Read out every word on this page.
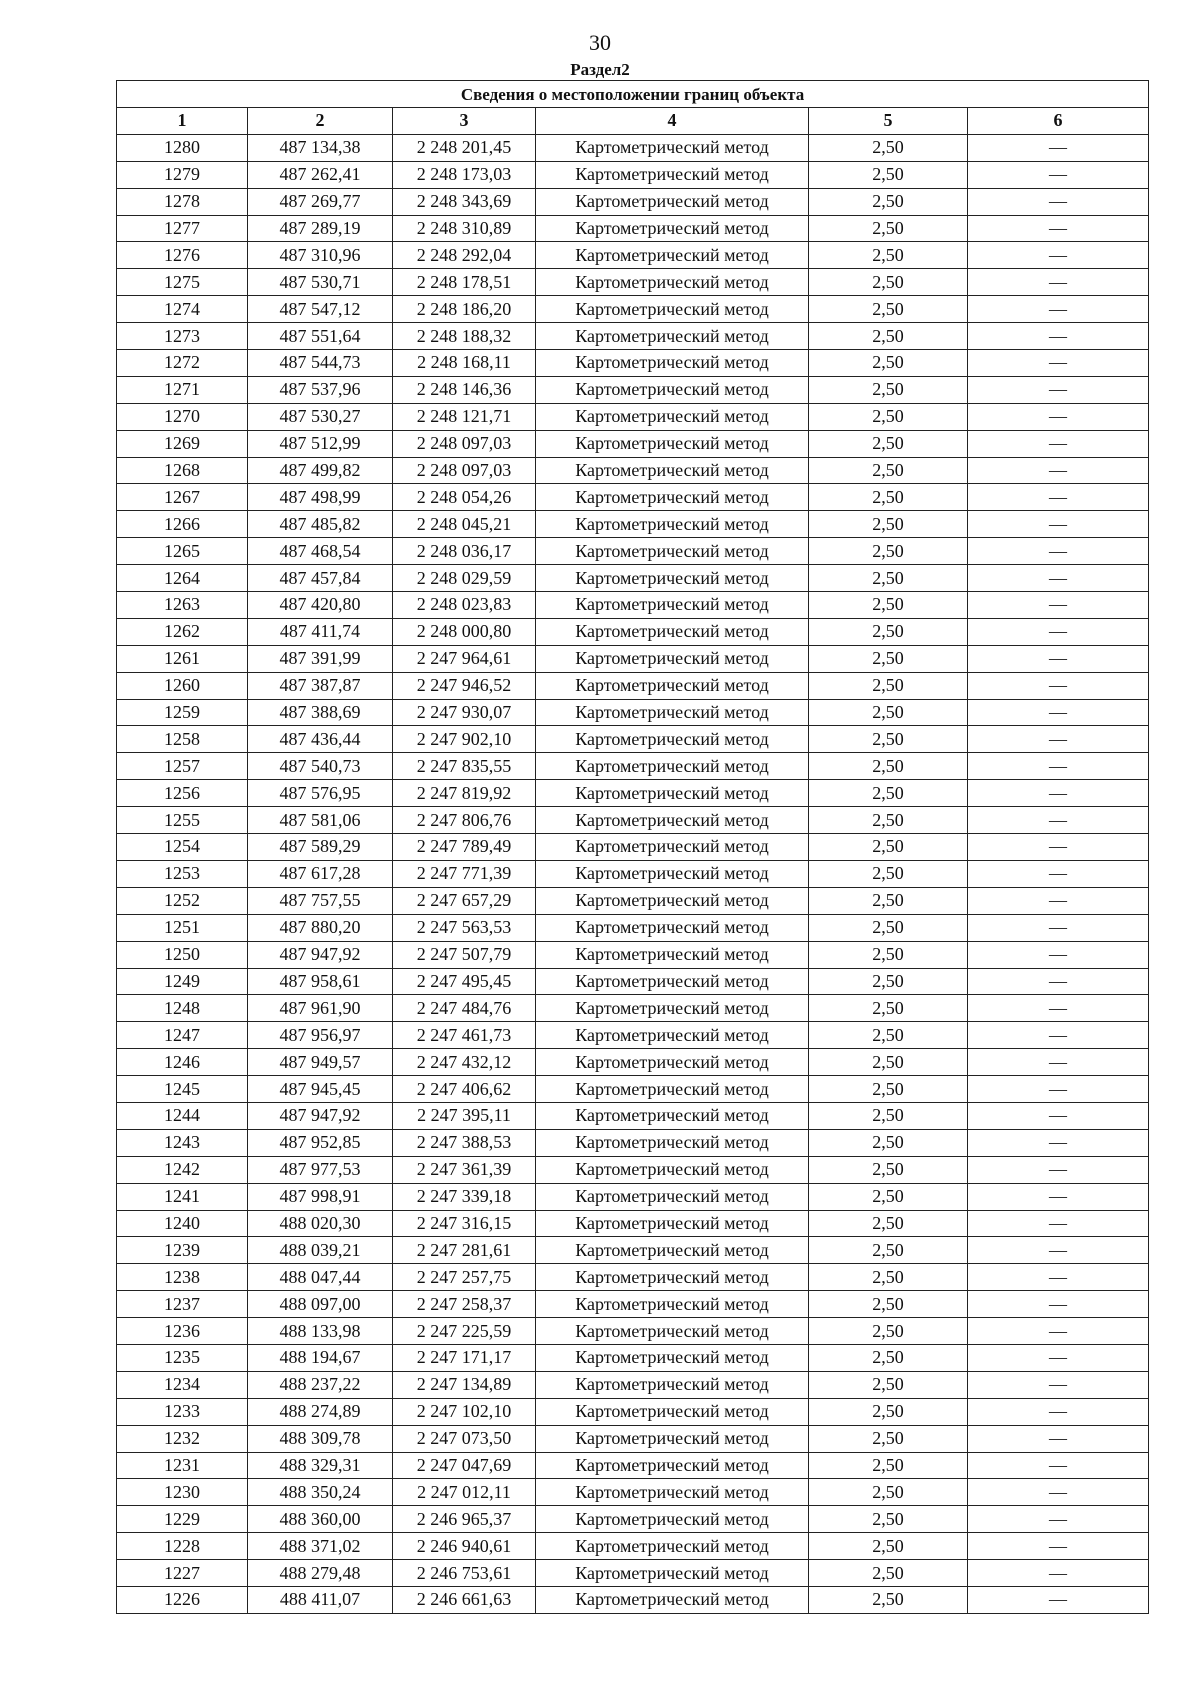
30
Раздел2
Сведения о местоположении границ объекта					
1	2	3	4	5	6
1280	487 134,38	2 248 201,45	Картометрический метод	2,50	—
1279	487 262,41	2 248 173,03	Картометрический метод	2,50	—
1278	487 269,77	2 248 343,69	Картометрический метод	2,50	—
1277	487 289,19	2 248 310,89	Картометрический метод	2,50	—
1276	487 310,96	2 248 292,04	Картометрический метод	2,50	—
1275	487 530,71	2 248 178,51	Картометрический метод	2,50	—
1274	487 547,12	2 248 186,20	Картометрический метод	2,50	—
1273	487 551,64	2 248 188,32	Картометрический метод	2,50	—
1272	487 544,73	2 248 168,11	Картометрический метод	2,50	—
1271	487 537,96	2 248 146,36	Картометрический метод	2,50	—
1270	487 530,27	2 248 121,71	Картометрический метод	2,50	—
1269	487 512,99	2 248 097,03	Картометрический метод	2,50	—
1268	487 499,82	2 248 097,03	Картометрический метод	2,50	—
1267	487 498,99	2 248 054,26	Картометрический метод	2,50	—
1266	487 485,82	2 248 045,21	Картометрический метод	2,50	—
1265	487 468,54	2 248 036,17	Картометрический метод	2,50	—
1264	487 457,84	2 248 029,59	Картометрический метод	2,50	—
1263	487 420,80	2 248 023,83	Картометрический метод	2,50	—
1262	487 411,74	2 248 000,80	Картометрический метод	2,50	—
1261	487 391,99	2 247 964,61	Картометрический метод	2,50	—
1260	487 387,87	2 247 946,52	Картометрический метод	2,50	—
1259	487 388,69	2 247 930,07	Картометрический метод	2,50	—
1258	487 436,44	2 247 902,10	Картометрический метод	2,50	—
1257	487 540,73	2 247 835,55	Картометрический метод	2,50	—
1256	487 576,95	2 247 819,92	Картометрический метод	2,50	—
1255	487 581,06	2 247 806,76	Картометрический метод	2,50	—
1254	487 589,29	2 247 789,49	Картометрический метод	2,50	—
1253	487 617,28	2 247 771,39	Картометрический метод	2,50	—
1252	487 757,55	2 247 657,29	Картометрический метод	2,50	—
1251	487 880,20	2 247 563,53	Картометрический метод	2,50	—
1250	487 947,92	2 247 507,79	Картометрический метод	2,50	—
1249	487 958,61	2 247 495,45	Картометрический метод	2,50	—
1248	487 961,90	2 247 484,76	Картометрический метод	2,50	—
1247	487 956,97	2 247 461,73	Картометрический метод	2,50	—
1246	487 949,57	2 247 432,12	Картометрический метод	2,50	—
1245	487 945,45	2 247 406,62	Картометрический метод	2,50	—
1244	487 947,92	2 247 395,11	Картометрический метод	2,50	—
1243	487 952,85	2 247 388,53	Картометрический метод	2,50	—
1242	487 977,53	2 247 361,39	Картометрический метод	2,50	—
1241	487 998,91	2 247 339,18	Картометрический метод	2,50	—
1240	488 020,30	2 247 316,15	Картометрический метод	2,50	—
1239	488 039,21	2 247 281,61	Картометрический метод	2,50	—
1238	488 047,44	2 247 257,75	Картометрический метод	2,50	—
1237	488 097,00	2 247 258,37	Картометрический метод	2,50	—
1236	488 133,98	2 247 225,59	Картометрический метод	2,50	—
1235	488 194,67	2 247 171,17	Картометрический метод	2,50	—
1234	488 237,22	2 247 134,89	Картометрический метод	2,50	—
1233	488 274,89	2 247 102,10	Картометрический метод	2,50	—
1232	488 309,78	2 247 073,50	Картометрический метод	2,50	—
1231	488 329,31	2 247 047,69	Картометрический метод	2,50	—
1230	488 350,24	2 247 012,11	Картометрический метод	2,50	—
1229	488 360,00	2 246 965,37	Картометрический метод	2,50	—
1228	488 371,02	2 246 940,61	Картометрический метод	2,50	—
1227	488 279,48	2 246 753,61	Картометрический метод	2,50	—
1226	488 411,07	2 246 661,63	Картометрический метод	2,50	—
